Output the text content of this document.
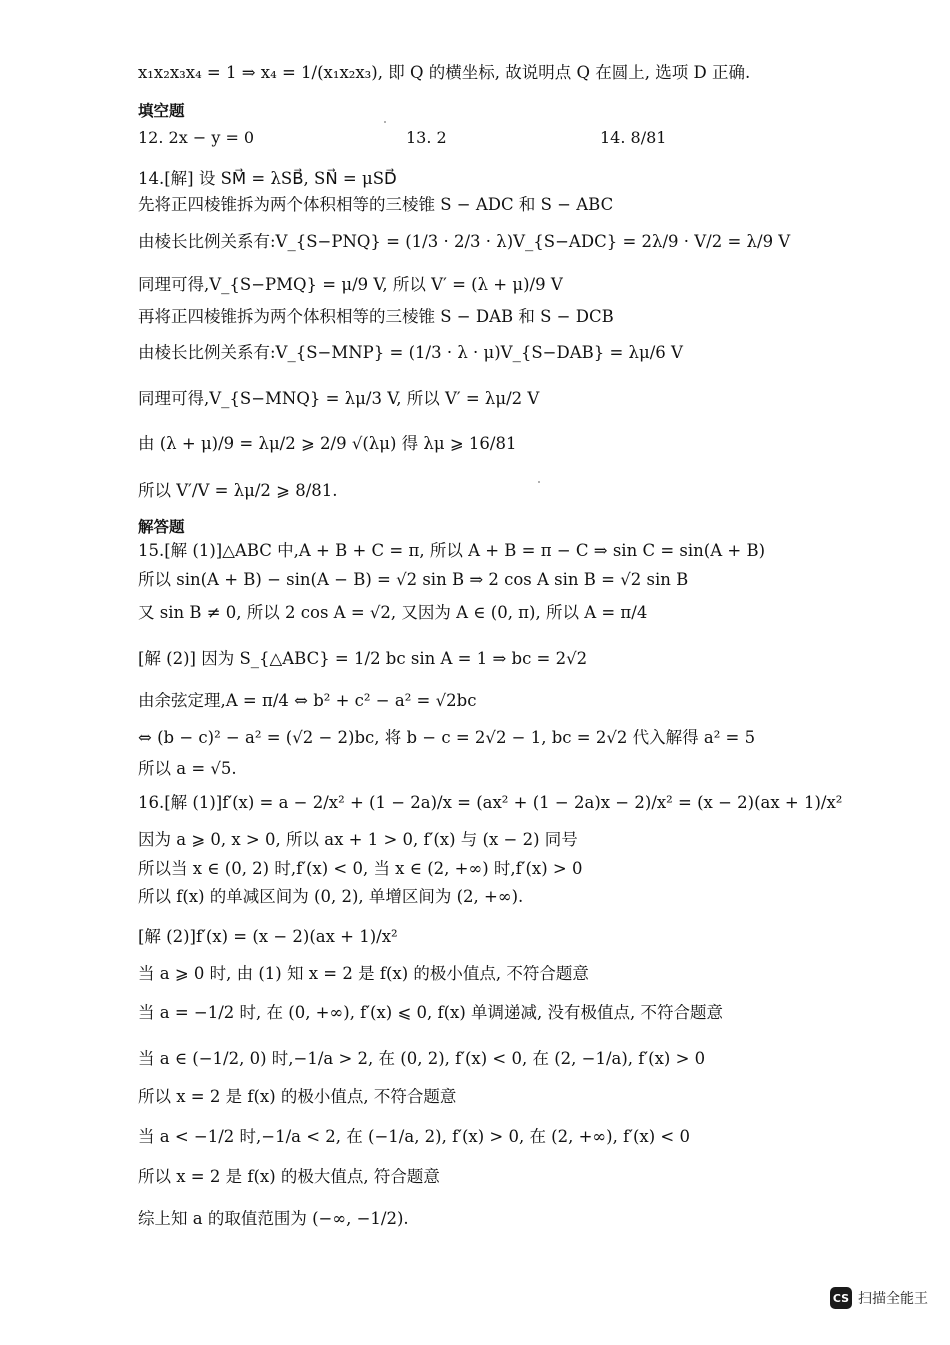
x₁x₂x₃x₄ = 1 ⇒ x₄ = 1/(x₁x₂x₃), 即 Q 的横坐标, 故说明点 Q 在圆上, 选项 D 正确.
填空题
12. 2x − y = 0	13. 2	14. 8/81
14.[解] 设 SM⃗ = λSB⃗, SN⃗ = μSD⃗
先将正四棱锥拆为两个体积相等的三棱锥 S − ADC 和 S − ABC
由棱长比例关系有:V_{S−PNQ} = (1/3 · 2/3 · λ)V_{S−ADC} = 2λ/9 · V/2 = λ/9 V
同理可得,V_{S−PMQ} = μ/9 V, 所以 V′ = (λ + μ)/9 V
再将正四棱锥拆为两个体积相等的三棱锥 S − DAB 和 S − DCB
由棱长比例关系有:V_{S−MNP} = (1/3 · λ · μ)V_{S−DAB} = λμ/6 V
同理可得,V_{S−MNQ} = λμ/3 V, 所以 V′ = λμ/2 V
由 (λ + μ)/9 = λμ/2 ⩾ 2/9 √(λμ) 得 λμ ⩾ 16/81
所以 V′/V = λμ/2 ⩾ 8/81.
解答题
15.[解 (1)]△ABC 中,A + B + C = π, 所以 A + B = π − C ⇒ sin C = sin(A + B)
所以 sin(A + B) − sin(A − B) = √2 sin B ⇒ 2 cos A sin B = √2 sin B
又 sin B ≠ 0, 所以 2 cos A = √2, 又因为 A ∈ (0, π), 所以 A = π/4
[解 (2)] 因为 S_{△ABC} = 1/2 bc sin A = 1 ⇒ bc = 2√2
由余弦定理,A = π/4 ⇔ b² + c² − a² = √2bc
⇔ (b − c)² − a² = (√2 − 2)bc, 将 b − c = 2√2 − 1, bc = 2√2 代入解得 a² = 5
所以 a = √5.
16.[解 (1)]f′(x) = a − 2/x² + (1 − 2a)/x = (ax² + (1 − 2a)x − 2)/x² = (x − 2)(ax + 1)/x²
因为 a ⩾ 0, x > 0, 所以 ax + 1 > 0, f′(x) 与 (x − 2) 同号
所以当 x ∈ (0, 2) 时,f′(x) < 0, 当 x ∈ (2, +∞) 时,f′(x) > 0
所以 f(x) 的单减区间为 (0, 2), 单增区间为 (2, +∞).
[解 (2)]f′(x) = (x − 2)(ax + 1)/x²
当 a ⩾ 0 时, 由 (1) 知 x = 2 是 f(x) 的极小值点, 不符合题意
当 a = −1/2 时, 在 (0, +∞), f′(x) ⩽ 0, f(x) 单调递减, 没有极值点, 不符合题意
当 a ∈ (−1/2, 0) 时,−1/a > 2, 在 (0, 2), f′(x) < 0, 在 (2, −1/a), f′(x) > 0
所以 x = 2 是 f(x) 的极小值点, 不符合题意
当 a < −1/2 时,−1/a < 2, 在 (−1/a, 2), f′(x) > 0, 在 (2, +∞), f′(x) < 0
所以 x = 2 是 f(x) 的极大值点, 符合题意
综上知 a 的取值范围为 (−∞, −1/2).
CS 扫描全能王
